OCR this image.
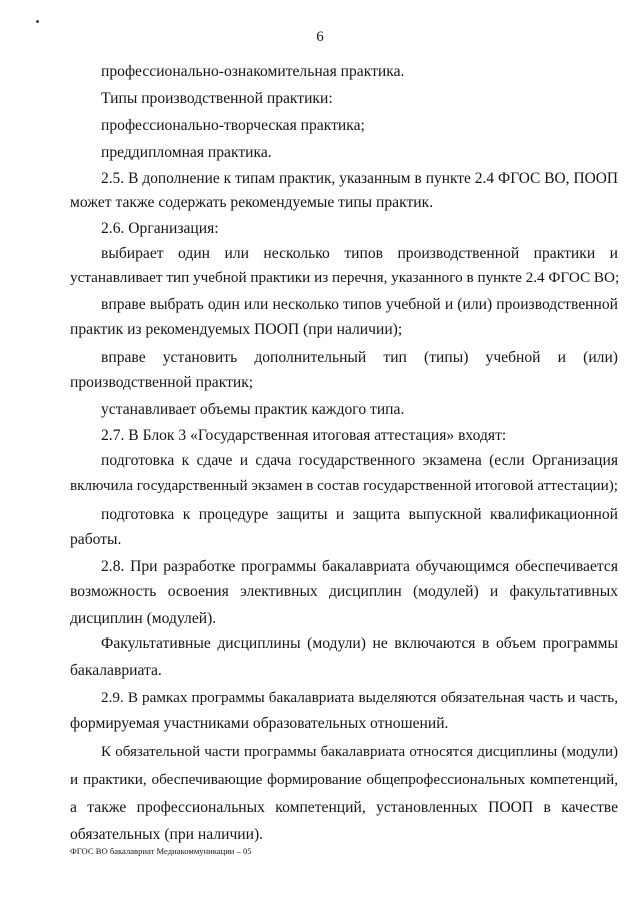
6
профессионально-ознакомительная практика.
Типы производственной практики:
профессионально-творческая практика;
преддипломная практика.
2.5. В дополнение к типам практик, указанным в пункте 2.4 ФГОС ВО, ПООП
может также содержать рекомендуемые типы практик.
2.6. Организация:
выбирает один или несколько типов производственной практики и
устанавливает тип учебной практики из перечня, указанного в пункте 2.4 ФГОС ВО;
вправе выбрать один или несколько типов учебной и (или) производственной
практик из рекомендуемых ПООП (при наличии);
вправе установить дополнительный тип (типы) учебной и (или)
производственной практик;
устанавливает объемы практик каждого типа.
2.7. В Блок 3 «Государственная итоговая аттестация» входят:
подготовка к сдаче и сдача государственного экзамена (если Организация
включила государственный экзамен в состав государственной итоговой аттестации);
подготовка к процедуре защиты и защита выпускной квалификационной
работы.
2.8. При разработке программы бакалавриата обучающимся обеспечивается
возможность освоения элективных дисциплин (модулей) и факультативных
дисциплин (модулей).
Факультативные дисциплины (модули) не включаются в объем программы
бакалавриата.
2.9. В рамках программы бакалавриата выделяются обязательная часть и часть,
формируемая участниками образовательных отношений.
К обязательной части программы бакалавриата относятся дисциплины (модули)
и практики, обеспечивающие формирование общепрофессиональных компетенций,
а также профессиональных компетенций, установленных ПООП в качестве
обязательных (при наличии).
ФГОС ВО бакалавриат Медиакоммуникации – 05
